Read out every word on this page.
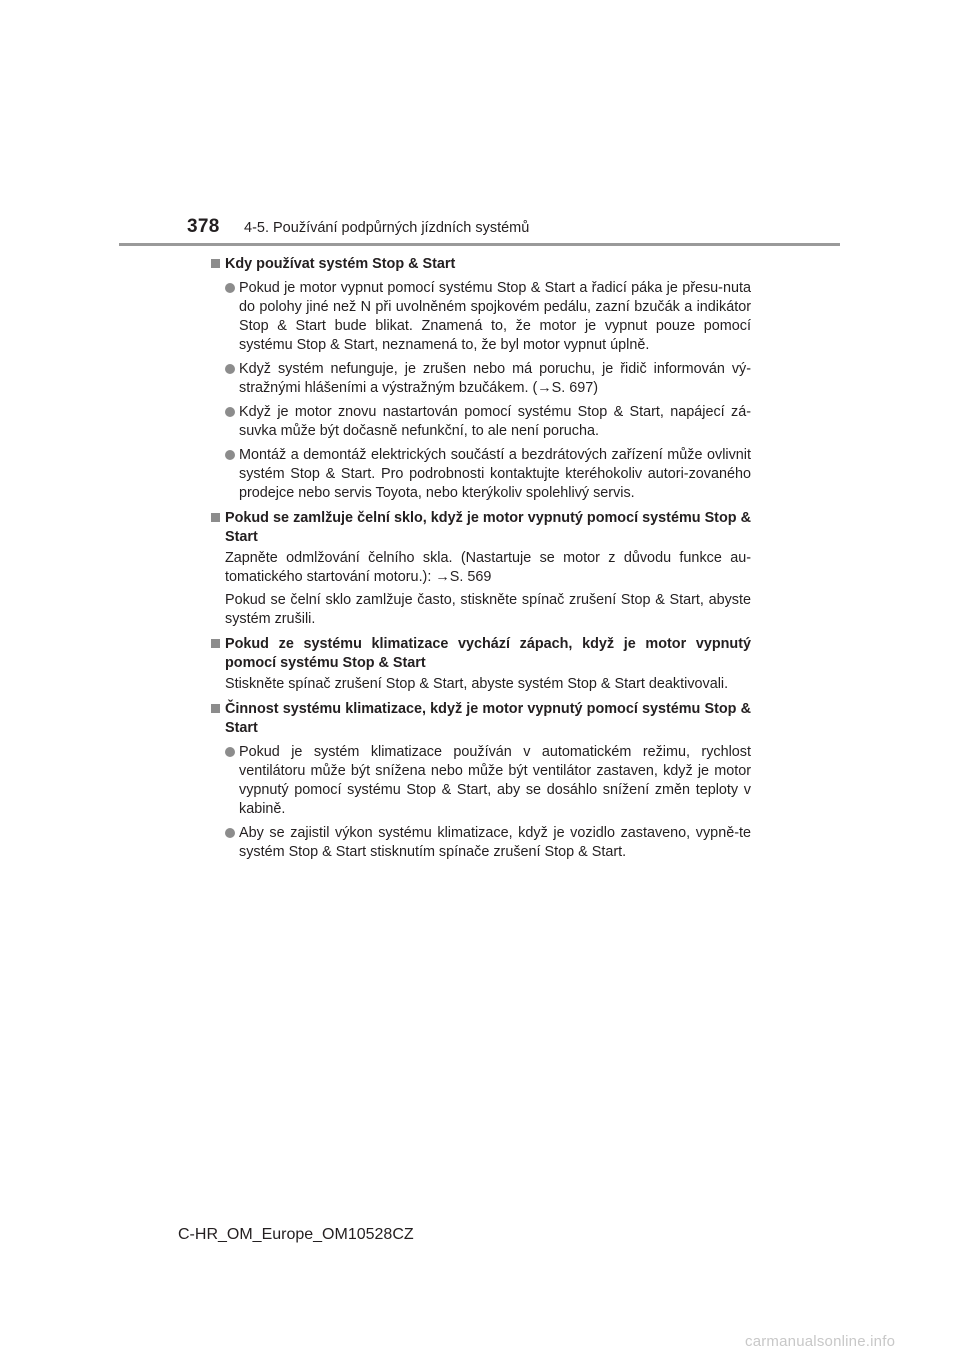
378 4-5. Používání podpůrných jízdních systémů
Kdy používat systém Stop & Start
Pokud je motor vypnut pomocí systému Stop & Start a řadicí páka je přesu-nuta do polohy jiné než N při uvolněném spojkovém pedálu, zazní bzučák a indikátor Stop & Start bude blikat. Znamená to, že motor je vypnut pouze pomocí systému Stop & Start, neznamená to, že byl motor vypnut úplně.
Když systém nefunguje, je zrušen nebo má poruchu, je řidič informován vý-stražnými hlášeními a výstražným bzučákem. (→S. 697)
Když je motor znovu nastartován pomocí systému Stop & Start, napájecí zá-suvka může být dočasně nefunkční, to ale není porucha.
Montáž a demontáž elektrických součástí a bezdrátových zařízení může ovlivnit systém Stop & Start. Pro podrobnosti kontaktujte kteréhokoliv autori-zovaného prodejce nebo servis Toyota, nebo kterýkoliv spolehlivý servis.
Pokud se zamlžuje čelní sklo, když je motor vypnutý pomocí systému Stop & Start
Zapněte odmlžování čelního skla. (Nastartuje se motor z důvodu funkce au-tomatického startování motoru.): →S. 569
Pokud se čelní sklo zamlžuje často, stiskněte spínač zrušení Stop & Start, abyste systém zrušili.
Pokud ze systému klimatizace vychází zápach, když je motor vypnutý pomocí systému Stop & Start
Stiskněte spínač zrušení Stop & Start, abyste systém Stop & Start deaktivovali.
Činnost systému klimatizace, když je motor vypnutý pomocí systému Stop & Start
Pokud je systém klimatizace používán v automatickém režimu, rychlost ventilátoru může být snížena nebo může být ventilátor zastaven, když je motor vypnutý pomocí systému Stop & Start, aby se dosáhlo snížení změn teploty v kabině.
Aby se zajistil výkon systému klimatizace, když je vozidlo zastaveno, vypně-te systém Stop & Start stisknutím spínače zrušení Stop & Start.
C-HR_OM_Europe_OM10528CZ
carmanualsonline.info
